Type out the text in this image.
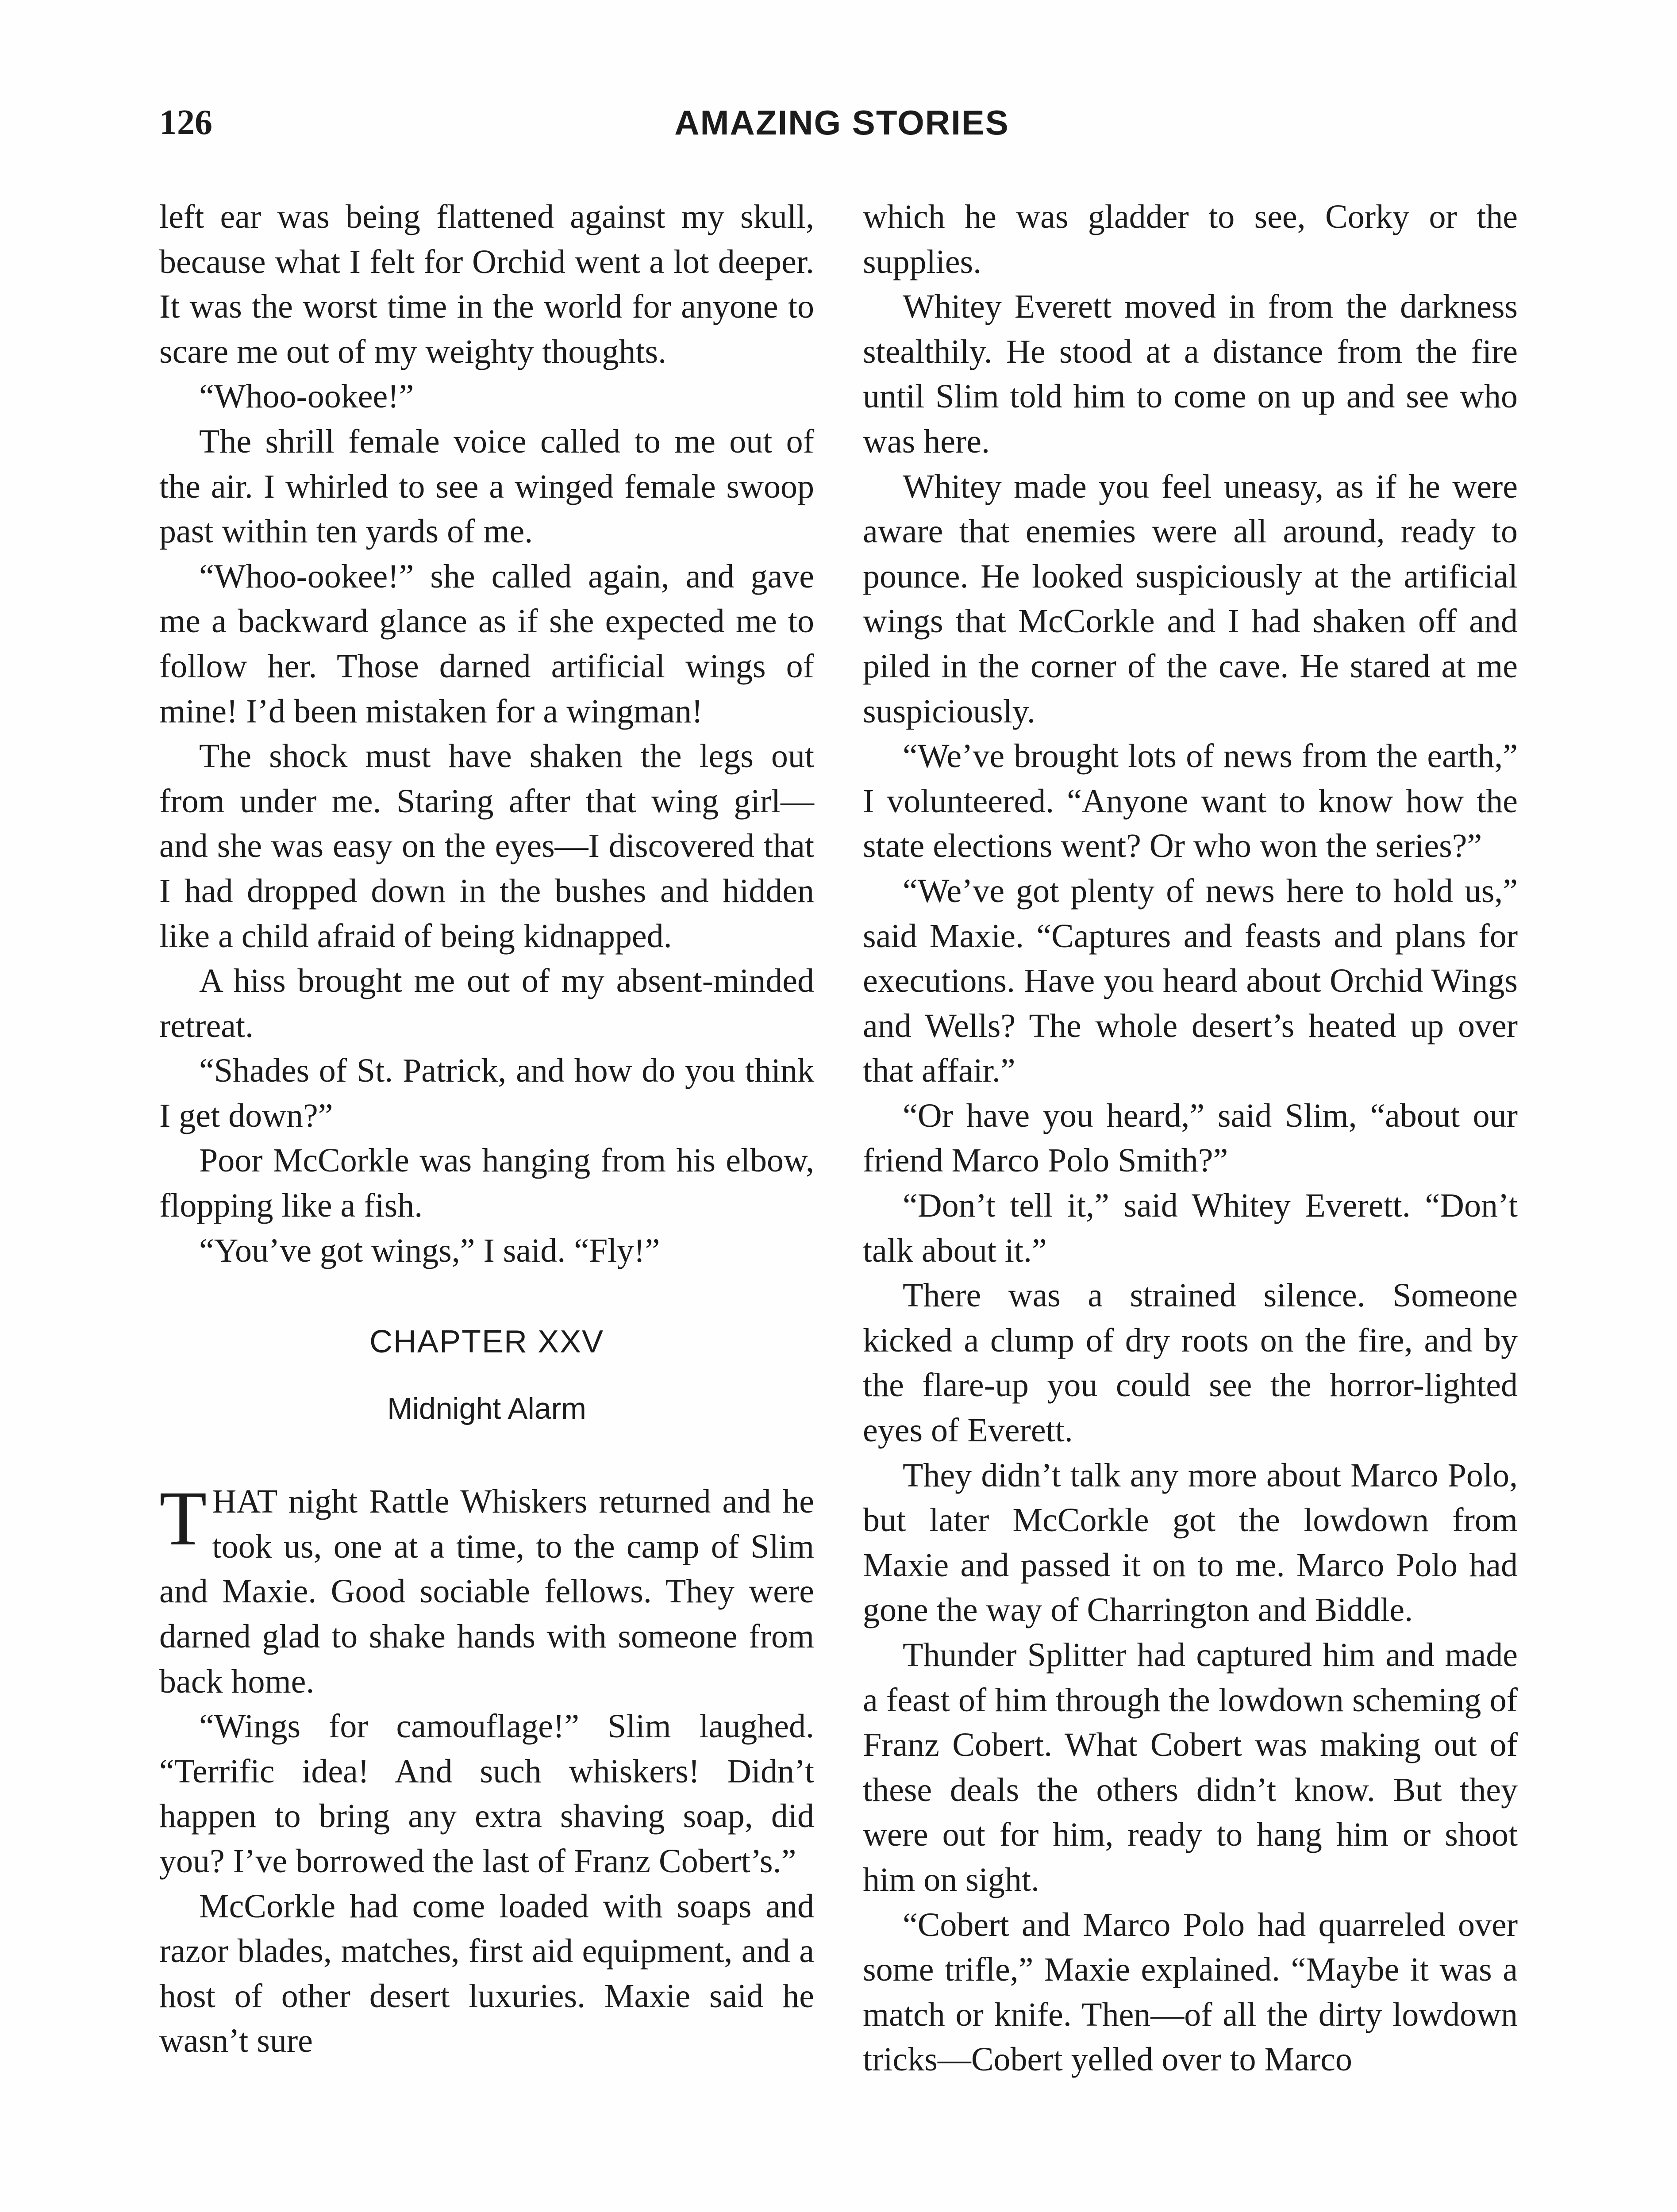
126	AMAZING STORIES

left ear was being flattened against my skull, because what I felt for Orchid went a lot deeper. It was the worst time in the world for anyone to scare me out of my weighty thoughts.

“Whoo-ookee!”

The shrill female voice called to me out of the air. I whirled to see a winged female swoop past within ten yards of me.

“Whoo-ookee!” she called again, and gave me a backward glance as if she expected me to follow her. Those darned artificial wings of mine! I’d been mistaken for a wingman!

The shock must have shaken the legs out from under me. Staring after that wing girl—and she was easy on the eyes—I discovered that I had dropped down in the bushes and hidden like a child afraid of being kidnapped.

A hiss brought me out of my absent-minded retreat.

“Shades of St. Patrick, and how do you think I get down?”

Poor McCorkle was hanging from his elbow, flopping like a fish.

“You’ve got wings,” I said. “Fly!”

CHAPTER XXV
Midnight Alarm

THAT night Rattle Whiskers returned and he took us, one at a time, to the camp of Slim and Maxie. Good sociable fellows. They were darned glad to shake hands with someone from back home.

“Wings for camouflage!” Slim laughed. “Terrific idea! And such whiskers! Didn’t happen to bring any extra shaving soap, did you? I’ve borrowed the last of Franz Cobert’s.”

McCorkle had come loaded with soaps and razor blades, matches, first aid equipment, and a host of other desert luxuries. Maxie said he wasn’t sure

which he was gladder to see, Corky or the supplies.

Whitey Everett moved in from the darkness stealthily. He stood at a distance from the fire until Slim told him to come on up and see who was here.

Whitey made you feel uneasy, as if he were aware that enemies were all around, ready to pounce. He looked suspiciously at the artificial wings that McCorkle and I had shaken off and piled in the corner of the cave. He stared at me suspiciously.

“We’ve brought lots of news from the earth,” I volunteered. “Anyone want to know how the state elections went? Or who won the series?”

“We’ve got plenty of news here to hold us,” said Maxie. “Captures and feasts and plans for executions. Have you heard about Orchid Wings and Wells? The whole desert’s heated up over that affair.”

“Or have you heard,” said Slim, “about our friend Marco Polo Smith?”

“Don’t tell it,” said Whitey Everett. “Don’t talk about it.”

There was a strained silence. Someone kicked a clump of dry roots on the fire, and by the flare-up you could see the horror-lighted eyes of Everett.

They didn’t talk any more about Marco Polo, but later McCorkle got the lowdown from Maxie and passed it on to me. Marco Polo had gone the way of Charrington and Biddle.

Thunder Splitter had captured him and made a feast of him through the lowdown scheming of Franz Cobert. What Cobert was making out of these deals the others didn’t know. But they were out for him, ready to hang him or shoot him on sight.

“Cobert and Marco Polo had quarreled over some trifle,” Maxie explained. “Maybe it was a match or knife. Then—of all the dirty lowdown tricks—Cobert yelled over to Marco
